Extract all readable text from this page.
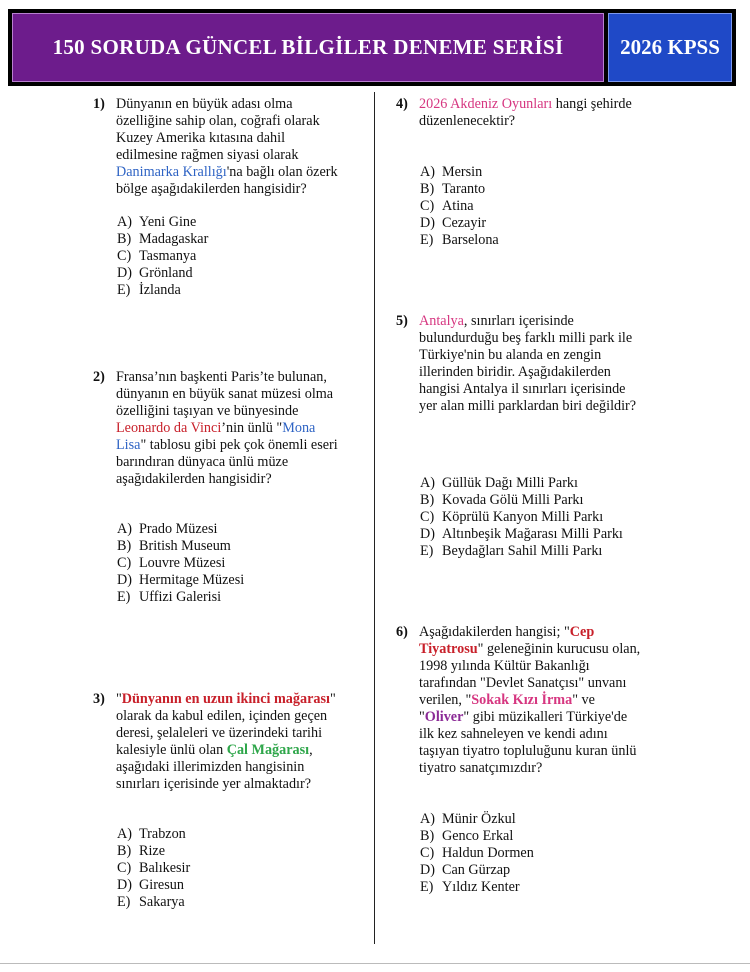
150 SORUDA GÜNCEL BİLGİLER DENEME SERİSİ	2026 KPSS
1) Dünyanın en büyük adası olma
özelliğine sahip olan, coğrafi olarak
Kuzey Amerika kıtasına dahil
edilmesine rağmen siyasi olarak
Danimarka Krallığı'na bağlı olan özerk
bölge aşağıdakilerden hangisidir?
A) Yeni Gine
B) Madagaskar
C) Tasmanya
D) Grönland
E) İzlanda
2) Fransa’nın başkenti Paris’te bulunan,
dünyanın en büyük sanat müzesi olma
özelliğini taşıyan ve bünyesinde
Leonardo da Vinci’nin ünlü "Mona
Lisa" tablosu gibi pek çok önemli eseri
barındıran dünyaca ünlü müze
aşağıdakilerden hangisidir?
A) Prado Müzesi
B) British Museum
C) Louvre Müzesi
D) Hermitage Müzesi
E) Uffizi Galerisi
3) "Dünyanın en uzun ikinci mağarası"
olarak da kabul edilen, içinden geçen
deresi, şelaleleri ve üzerindeki tarihi
kalesiyle ünlü olan Çal Mağarası,
aşağıdaki illerimizden hangisinin
sınırları içerisinde yer almaktadır?
A) Trabzon
B) Rize
C) Balıkesir
D) Giresun
E) Sakarya
4) 2026 Akdeniz Oyunları hangi şehirde
düzenlenecektir?
A) Mersin
B) Taranto
C) Atina
D) Cezayir
E) Barselona
5) Antalya, sınırları içerisinde
bulundurduğu beş farklı milli park ile
Türkiye'nin bu alanda en zengin
illerinden biridir. Aşağıdakilerden
hangisi Antalya il sınırları içerisinde
yer alan milli parklardan biri değildir?
A) Güllük Dağı Milli Parkı
B) Kovada Gölü Milli Parkı
C) Köprülü Kanyon Milli Parkı
D) Altınbeşik Mağarası Milli Parkı
E) Beydağları Sahil Milli Parkı
6) Aşağıdakilerden hangisi; "Cep
Tiyatrosu" geleneğinin kurucusu olan,
1998 yılında Kültür Bakanlığı
tarafından "Devlet Sanatçısı" unvanı
verilen, "Sokak Kızı İrma" ve
"Oliver" gibi müzikalleri Türkiye'de
ilk kez sahneleyen ve kendi adını
taşıyan tiyatro topluluğunu kuran ünlü
tiyatro sanatçımızdır?
A) Münir Özkul
B) Genco Erkal
C) Haldun Dormen
D) Can Gürzap
E) Yıldız Kenter
